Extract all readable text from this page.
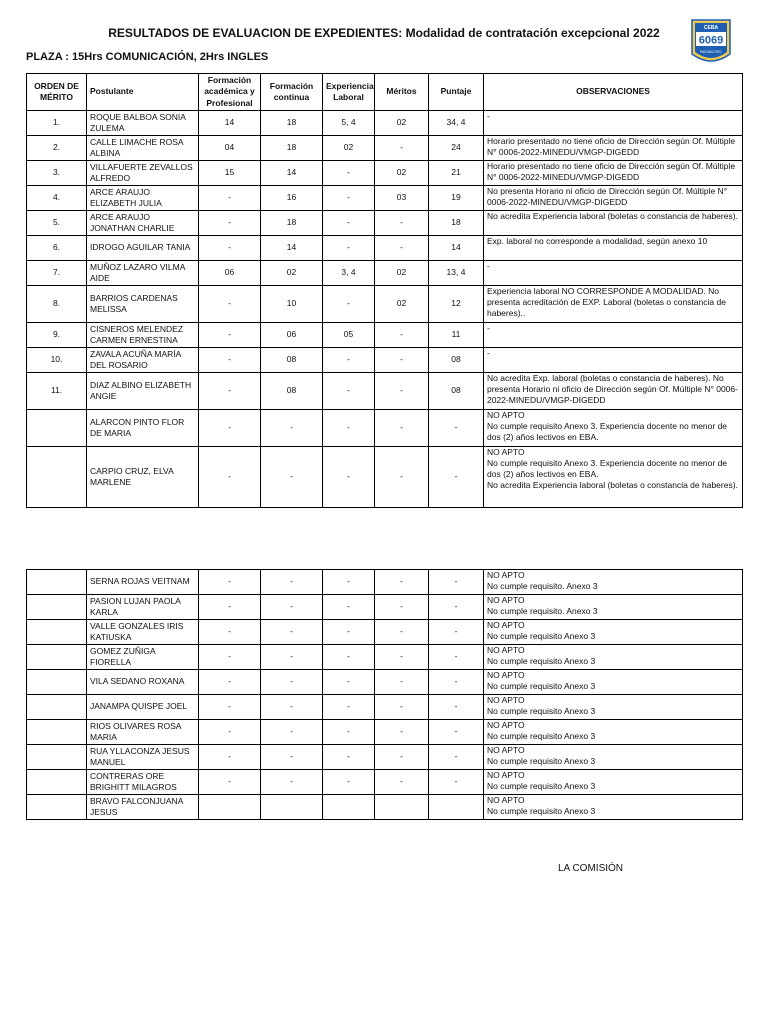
RESULTADOS DE EVALUACION DE EXPEDIENTES: Modalidad de contratación excepcional 2022
PLAZA : 15Hrs COMUNICACIÓN, 2Hrs INGLES
CEBA
6069
PACHACUTEC
ORDEN DE MÉRITO	Postulante	Formación académica y Profesional	Formación continua	Experiencia Laboral	Méritos	Puntaje	OBSERVACIONES
1.	ROQUE BALBOA SONIA ZULEMA	14	18	5, 4	02	34, 4	-
2.	CALLE LIMACHE ROSA ALBINA	04	18	02	-	24	Horario presentado no tiene oficio de Dirección según Of. Múltiple N° 0006-2022-MINEDU/VMGP-DIGEDD
3.	VILLAFUERTE ZEVALLOS ALFREDO	15	14	-	02	21	Horario presentado no tiene oficio de Dirección según Of. Múltiple N° 0006-2022-MINEDU/VMGP-DIGEDD
4.	ARCE ARAUJO ELIZABETH JULIA	-	16	-	03	19	No presenta Horario ni oficio de Dirección según Of. Múltiple N° 0006-2022-MINEDU/VMGP-DIGEDD
5.	ARCE ARAUJO JONATHAN CHARLIE	-	18	-	-	18	No acredita Experiencia laboral (boletas o constancia de haberes).
6.	IDROGO AGUILAR TANIA	-	14	-	-	14	Exp. laboral no corresponde a modalidad, según anexo 10
7.	MUÑOZ LAZARO VILMA AIDE	06	02	3, 4	02	13, 4	-
8.	BARRIOS CARDENAS MELISSA	-	10	-	02	12	Experiencia laboral NO CORRESPONDE A MODALIDAD. No presenta acreditación de EXP. Laboral (boletas o constancia de haberes)..
9.	CISNEROS MELENDEZ CARMEN ERNESTINA	-	06	05	-	11	-
10.	ZAVALA ACUÑA MARÍA DEL ROSARIO	-	08	-	-	08	-
11.	DIAZ ALBINO ELIZABETH ANGIE	-	08	-	-	08	No acredita Exp. laboral (boletas o constancia de haberes). No presenta Horario ni oficio de Dirección según Of. Múltiple N° 0006-2022-MINEDU/VMGP-DIGEDD
	ALARCON PINTO FLOR DE MARIA	-	-	-	-	-	NO APTO
No cumple requisito Anexo 3. Experiencia docente no menor de dos (2) años lectivos en EBA.
	CARPIO CRUZ, ELVA MARLENE	-	-	-	-	-	NO APTO
No cumple requisito Anexo 3. Experiencia docente no menor de dos (2) años lectivos en EBA.
No acredita Experiencia laboral (boletas o constancia de haberes).
	SERNA ROJAS VEITNAM	-	-	-	-	-	NO APTO
No cumple requisito. Anexo 3
	PASION LUJAN PAOLA KARLA	-	-	-	-	-	NO APTO
No cumple requisito. Anexo 3
	VALLE GONZALES IRIS KATIUSKA	-	-	-	-	-	NO APTO
No cumple requisito Anexo 3
	GOMEZ ZUÑIGA FIORELLA	-	-	-	-	-	NO APTO
No cumple requisito Anexo 3
	VILA SEDANO ROXANA	-	-	-	-	-	NO APTO
No cumple requisito Anexo 3
	JANAMPA QUISPE JOEL	-	-	-	-	-	NO APTO
No cumple requisito Anexo 3
	RIOS OLIVARES ROSA MARIA	-	-	-	-	-	NO APTO
No cumple requisito Anexo 3
	RUA YLLACONZA JESUS MANUEL	-	-	-	-	-	NO APTO
No cumple requisito Anexo 3
	CONTRERAS ORE BRIGHITT MILAGROS	-	-	-	-	-	NO APTO
No cumple requisito Anexo 3
	BRAVO FALCONJUANA JESUS						NO APTO
No cumple requisito Anexo 3
LA COMISIÓN
